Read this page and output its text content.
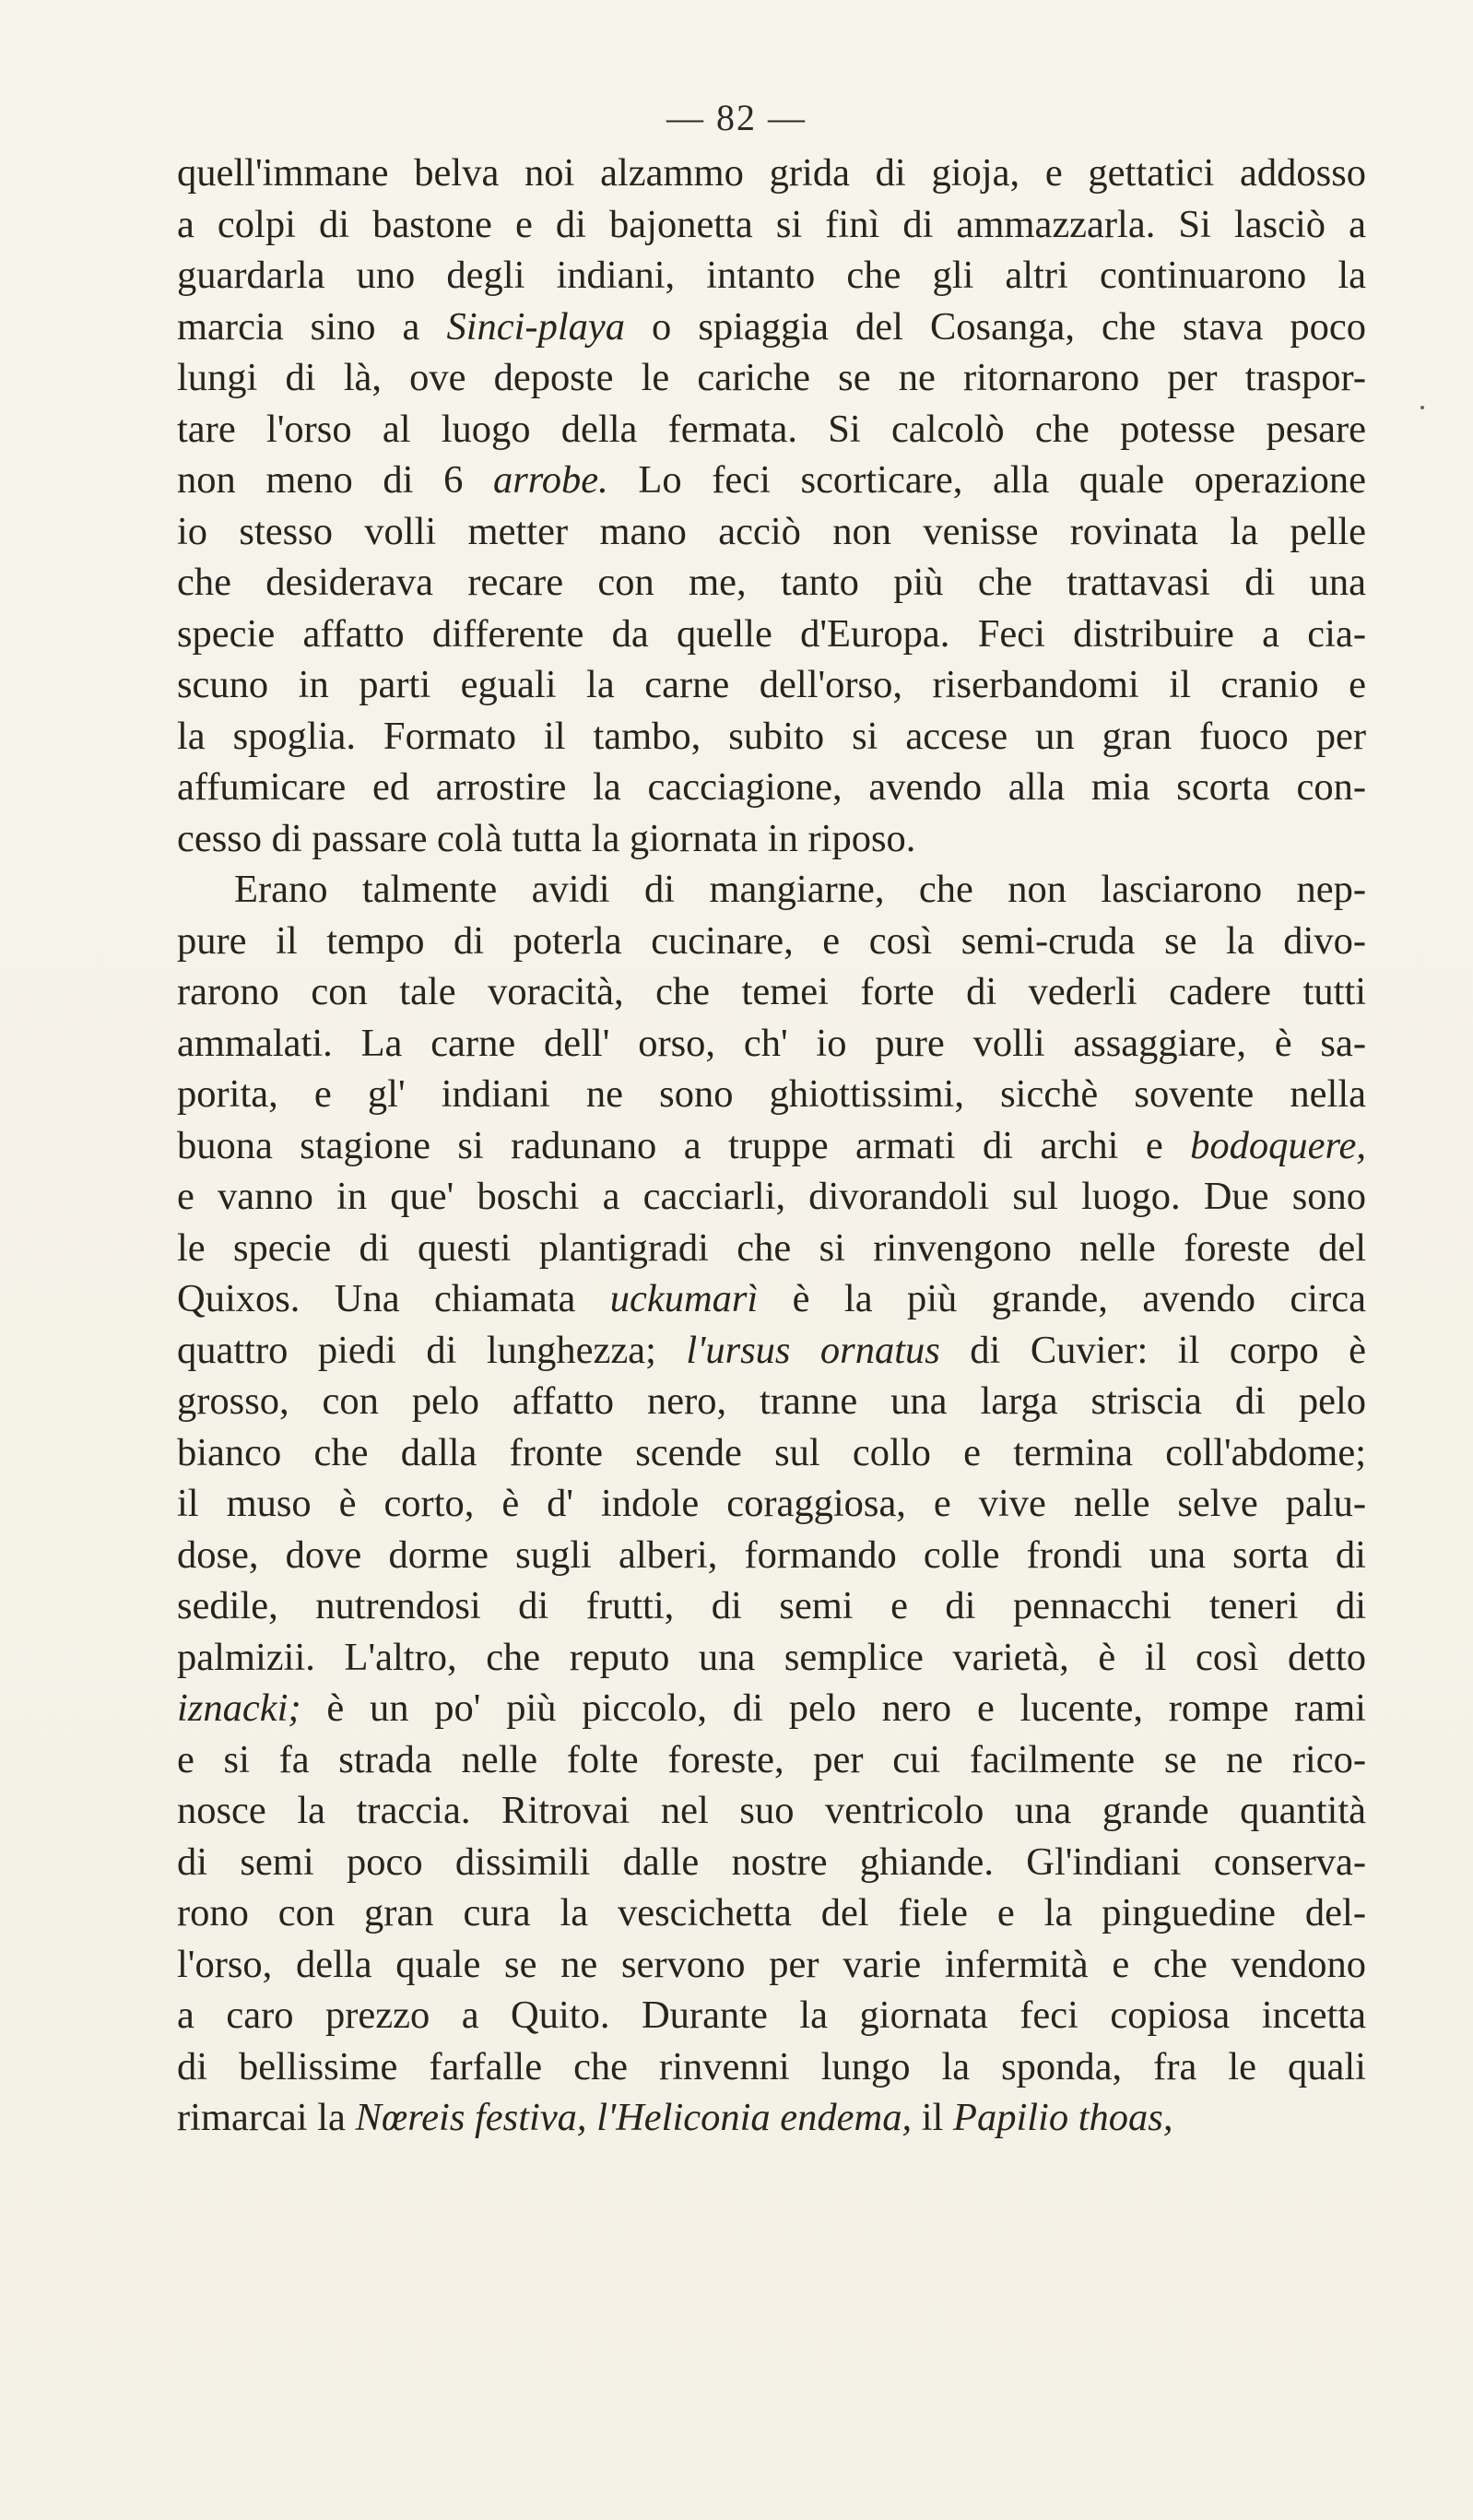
— 82 —
quell'immane belva noi alzammo grida di gioja, e gettatici addosso
a colpi di bastone e di bajonetta si finì di ammazzarla. Si lasciò a
guardarla uno degli indiani, intanto che gli altri continuarono la
marcia sino a Sinci-playa o spiaggia del Cosanga, che stava poco
lungi di là, ove deposte le cariche se ne ritornarono per traspor-
tare l'orso al luogo della fermata. Si calcolò che potesse pesare
non meno di 6 arrobe. Lo feci scorticare, alla quale operazione
io stesso volli metter mano acciò non venisse rovinata la pelle
che desiderava recare con me, tanto più che trattavasi di una
specie affatto differente da quelle d'Europa. Feci distribuire a cia-
scuno in parti eguali la carne dell'orso, riserbandomi il cranio e
la spoglia. Formato il tambo, subito si accese un gran fuoco per
affumicare ed arrostire la cacciagione, avendo alla mia scorta con-
cesso di passare colà tutta la giornata in riposo.
Erano talmente avidi di mangiarne, che non lasciarono nep-
pure il tempo di poterla cucinare, e così semi-cruda se la divo-
rarono con tale voracità, che temei forte di vederli cadere tutti
ammalati. La carne dell' orso, ch' io pure volli assaggiare, è sa-
porita, e gl' indiani ne sono ghiottissimi, sicchè sovente nella
buona stagione si radunano a truppe armati di archi e bodoquere,
e vanno in que' boschi a cacciarli, divorandoli sul luogo. Due sono
le specie di questi plantigradi che si rinvengono nelle foreste del
Quixos. Una chiamata uckumarì è la più grande, avendo circa
quattro piedi di lunghezza; l'ursus ornatus di Cuvier: il corpo è
grosso, con pelo affatto nero, tranne una larga striscia di pelo
bianco che dalla fronte scende sul collo e termina coll'abdome;
il muso è corto, è d' indole coraggiosa, e vive nelle selve palu-
dose, dove dorme sugli alberi, formando colle frondi una sorta di
sedile, nutrendosi di frutti, di semi e di pennacchi teneri di
palmizii. L'altro, che reputo una semplice varietà, è il così detto
iznacki; è un po' più piccolo, di pelo nero e lucente, rompe rami
e si fa strada nelle folte foreste, per cui facilmente se ne rico-
nosce la traccia. Ritrovai nel suo ventricolo una grande quantità
di semi poco dissimili dalle nostre ghiande. Gl'indiani conserva-
rono con gran cura la vescichetta del fiele e la pinguedine del-
l'orso, della quale se ne servono per varie infermità e che vendono
a caro prezzo a Quito. Durante la giornata feci copiosa incetta
di bellissime farfalle che rinvenni lungo la sponda, fra le quali
rimarcai la Nœreis festiva, l'Heliconia endema, il Papilio thoas,
